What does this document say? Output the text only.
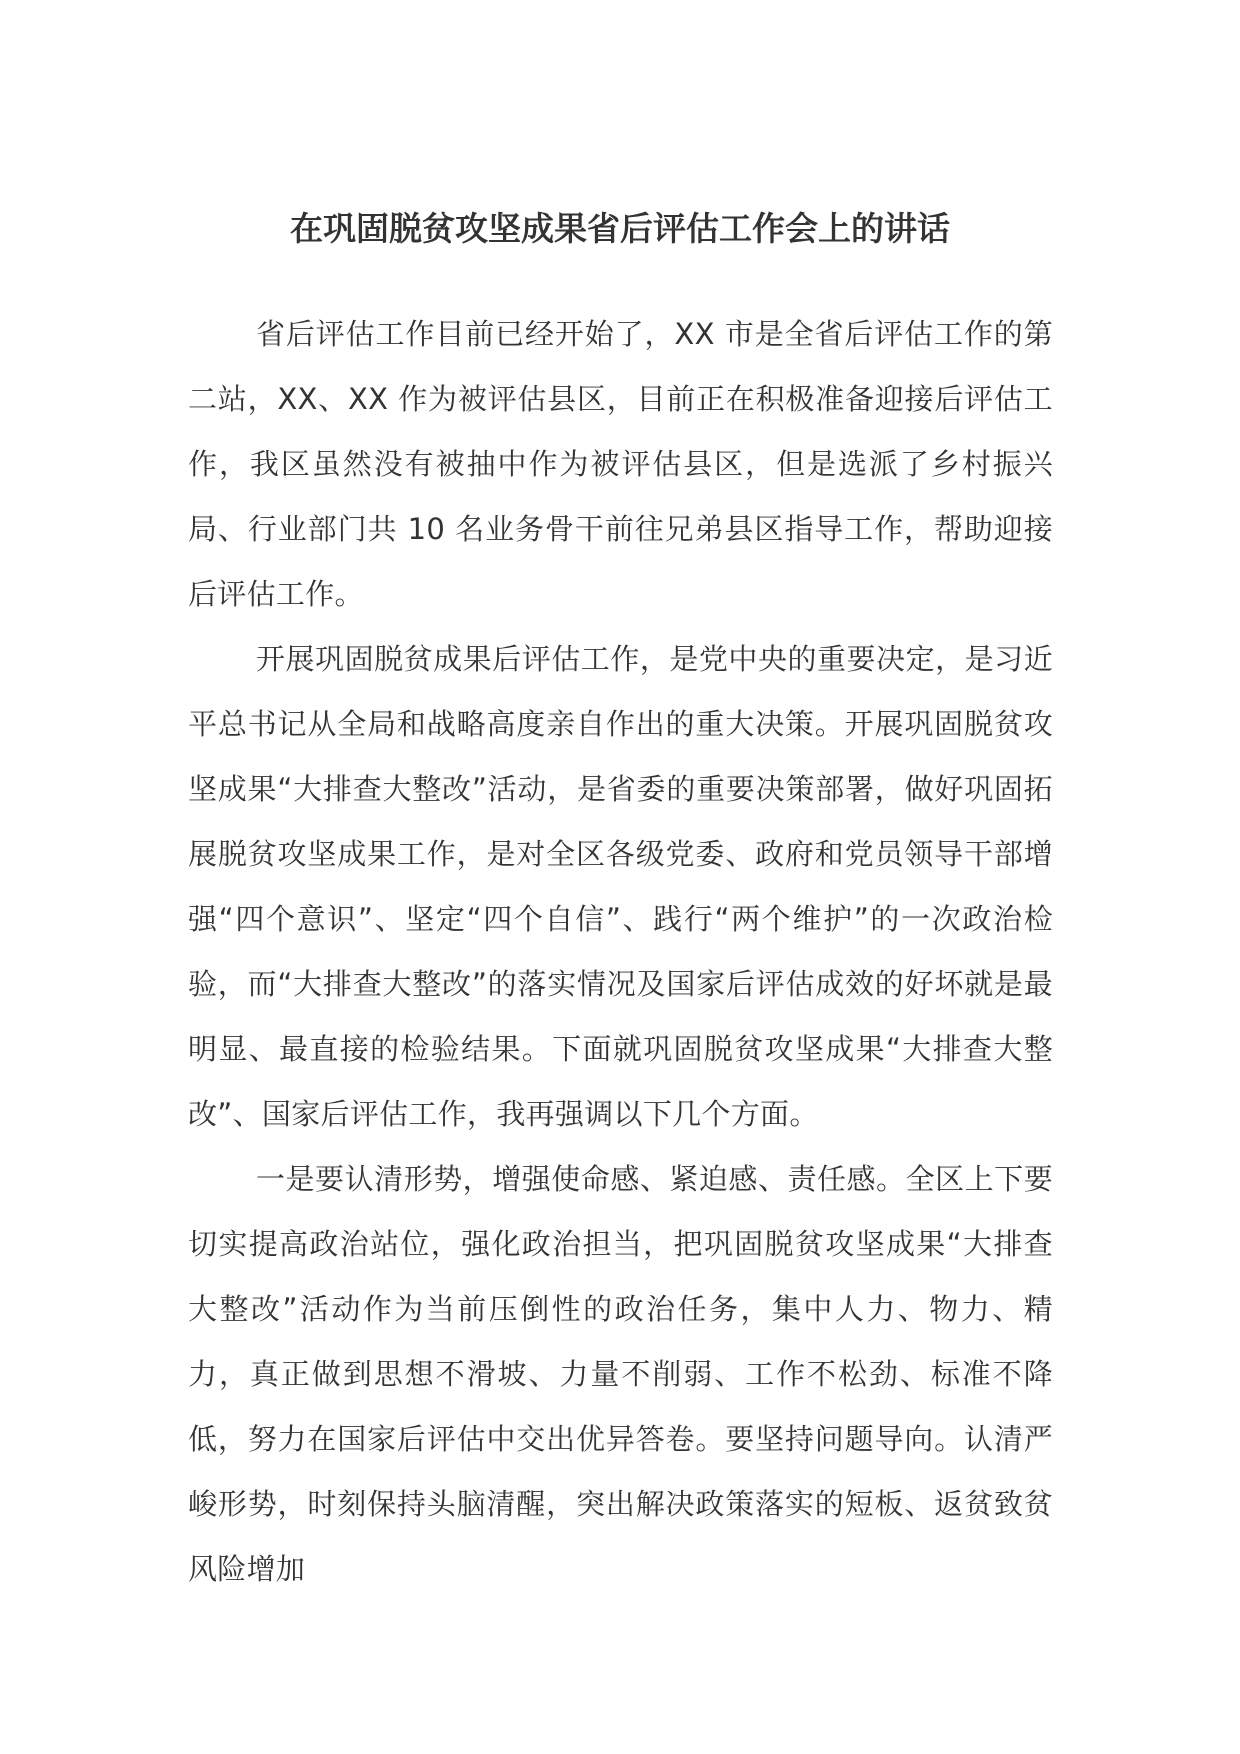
在巩固脱贫攻坚成果省后评估工作会上的讲话

省后评估工作目前已经开始了，XX 市是全省后评估工作的第二站，XX、XX 作为被评估县区，目前正在积极准备迎接后评估工作，我区虽然没有被抽中作为被评估县区，但是选派了乡村振兴局、行业部门共 10 名业务骨干前往兄弟县区指导工作，帮助迎接后评估工作。

开展巩固脱贫成果后评估工作，是党中央的重要决定，是习近平总书记从全局和战略高度亲自作出的重大决策。开展巩固脱贫攻坚成果“大排查大整改”活动，是省委的重要决策部署，做好巩固拓展脱贫攻坚成果工作，是对全区各级党委、政府和党员领导干部增强“四个意识”、坚定“四个自信”、践行“两个维护”的一次政治检验，而“大排查大整改”的落实情况及国家后评估成效的好坏就是最明显、最直接的检验结果。下面就巩固脱贫攻坚成果“大排查大整改”、国家后评估工作，我再强调以下几个方面。

一是要认清形势，增强使命感、紧迫感、责任感。全区上下要切实提高政治站位，强化政治担当，把巩固脱贫攻坚成果“大排查大整改”活动作为当前压倒性的政治任务，集中人力、物力、精力，真正做到思想不滑坡、力量不削弱、工作不松劲、标准不降低，努力在国家后评估中交出优异答卷。要坚持问题导向。认清严峻形势，时刻保持头脑清醒，突出解决政策落实的短板、返贫致贫风险增加
